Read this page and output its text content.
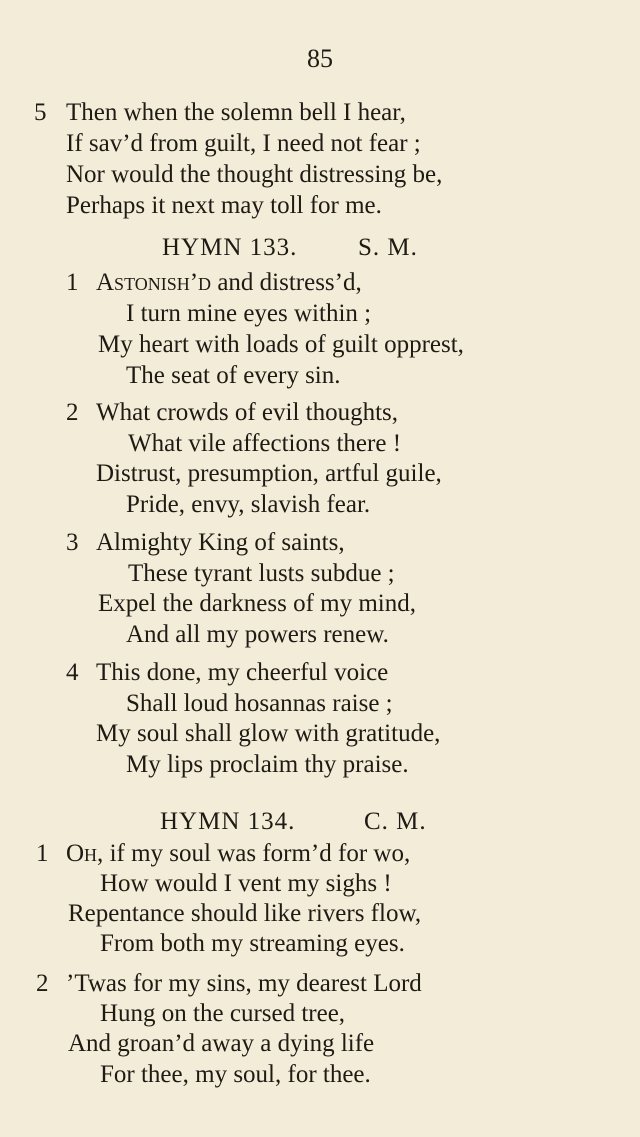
85
5 Then when the solemn bell I hear,
If sav’d from guilt, I need not fear ;
Nor would the thought distressing be,
Perhaps it next may toll for me.
HYMN 133. S. M.
1 Astonish’d and distress’d,
I turn mine eyes within ;
My heart with loads of guilt opprest,
The seat of every sin.
2 What crowds of evil thoughts,
What vile affections there !
Distrust, presumption, artful guile,
Pride, envy, slavish fear.
3 Almighty King of saints,
These tyrant lusts subdue ;
Expel the darkness of my mind,
And all my powers renew.
4 This done, my cheerful voice
Shall loud hosannas raise ;
My soul shall glow with gratitude,
My lips proclaim thy praise.
HYMN 134.	C. M.
1 Oh, if my soul was form’d for wo,
How would I vent my sighs !
Repentance should like rivers flow,
From both my streaming eyes.
2 ’Twas for my sins, my dearest Lord
Hung on the cursed tree,
And groan’d away a dying life
For thee, my soul, for thee.
